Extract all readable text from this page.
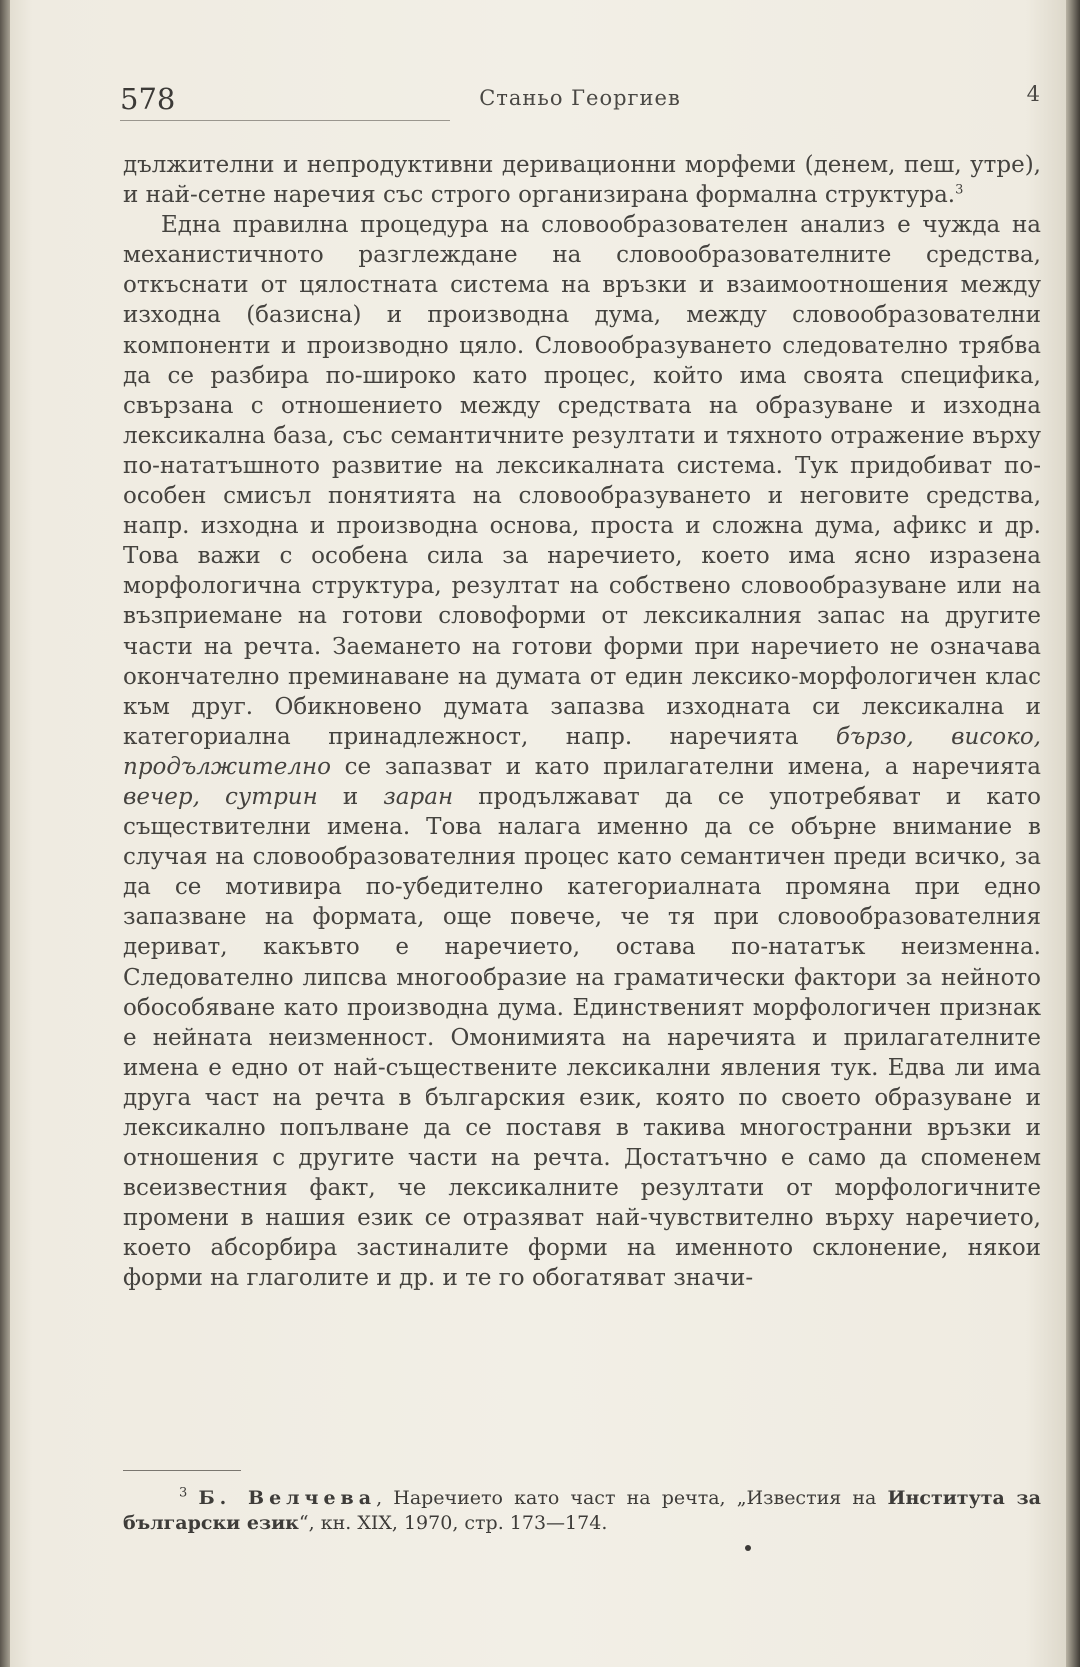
578	Станьо Георгиев	4

дължителни и непродуктивни деривационни морфеми (денем, пеш, утре), и най-сетне наречия със строго организирана формална структура.$^3$

Една правилна процедура на словообразователен анализ е чужда на механистичното разглеждане на словообразователните средства, откъснати от цялостната система на връзки и взаимоотношения между изходна (базисна) и производна дума, между словообразователни компоненти и производно цяло. Словообразуването следователно трябва да се разбира по-широко като процес, който има своята специфика, свързана с отношението между средствата на образуване и изходна лексикална база, със семантичните резултати и тяхното отражение върху по-нататъшното развитие на лексикалната система. Тук придобиват по-особен смисъл понятията на словообразуването и неговите средства, напр. изходна и производна основа, проста и сложна дума, афикс и др. Това важи с особена сила за наречието, което има ясно изразена морфологична структура, резултат на собствено словообразуване или на възприемане на готови словоформи от лексикалния запас на другите части на речта. Заемането на готови форми при наречието не означава окончателно преминаване на думата от един лексико-морфологичен клас към друг. Обикновено думата запазва изходната си лексикална и категориална принадлежност, напр. наречията бързо, високо, продължително се запазват и като прилагателни имена, а наречията вечер, сутрин и заран продължават да се употребяват и като съществителни имена. Това налага именно да се обърне внимание в случая на словообразователния процес като семантичен преди всичко, за да се мотивира по-убедително категориалната промяна при едно запазване на формата, още повече, че тя при словообразователния дериват, какъвто е наречието, остава по-нататък неизменна. Следователно липсва многообразие на граматически фактори за нейното обособяване като производна дума. Единственият морфологичен признак е нейната неизменност. Омонимията на наречията и прилагателните имена е едно от най-съществените лексикални явления тук. Едва ли има друга част на речта в българския език, която по своето образуване и лексикално попълване да се поставя в такива многостранни връзки и отношения с другите части на речта. Достатъчно е само да споменем всеизвестния факт, че лексикалните резултати от морфологичните промени в нашия език се отразяват най-чувствително върху наречието, което абсорбира застиналите форми на именното склонение, някои форми на глаголите и др. и те го обогатяват значи-

$^3$ Б. Велчева, Наречието като част на речта, „Известия на Института за български език“, кн. XIX, 1970, стр. 173—174.
